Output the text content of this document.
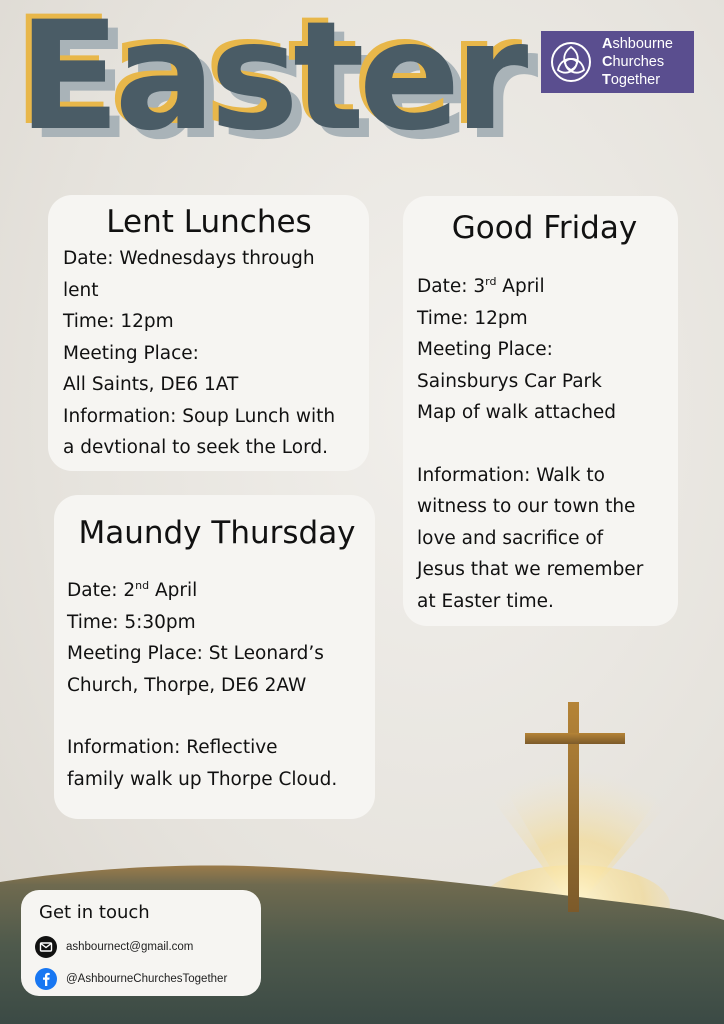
Easter	Ashbourne
Churches
Together
Lent Lunches

Date: Wednesdays through

lent

Time: 12pm

Meeting Place:

All Saints, DE6 1AT

Information: Soup Lunch with

a devtional to seek the Lord.

Good Friday

Date: 3rd April

Time: 12pm

Meeting Place:

Sainsburys Car Park

Map of walk attached

Information: Walk to

witness to our town the

love and sacrifice of

Jesus that we remember

at Easter time.

Maundy Thursday

Date: 2nd April

Time: 5:30pm

Meeting Place: St Leonard’s

Church, Thorpe, DE6 2AW

Information: Reflective

family walk up Thorpe Cloud.

Get in touch
ashbournect@gmail.com
@AshbourneChurchesTogether
